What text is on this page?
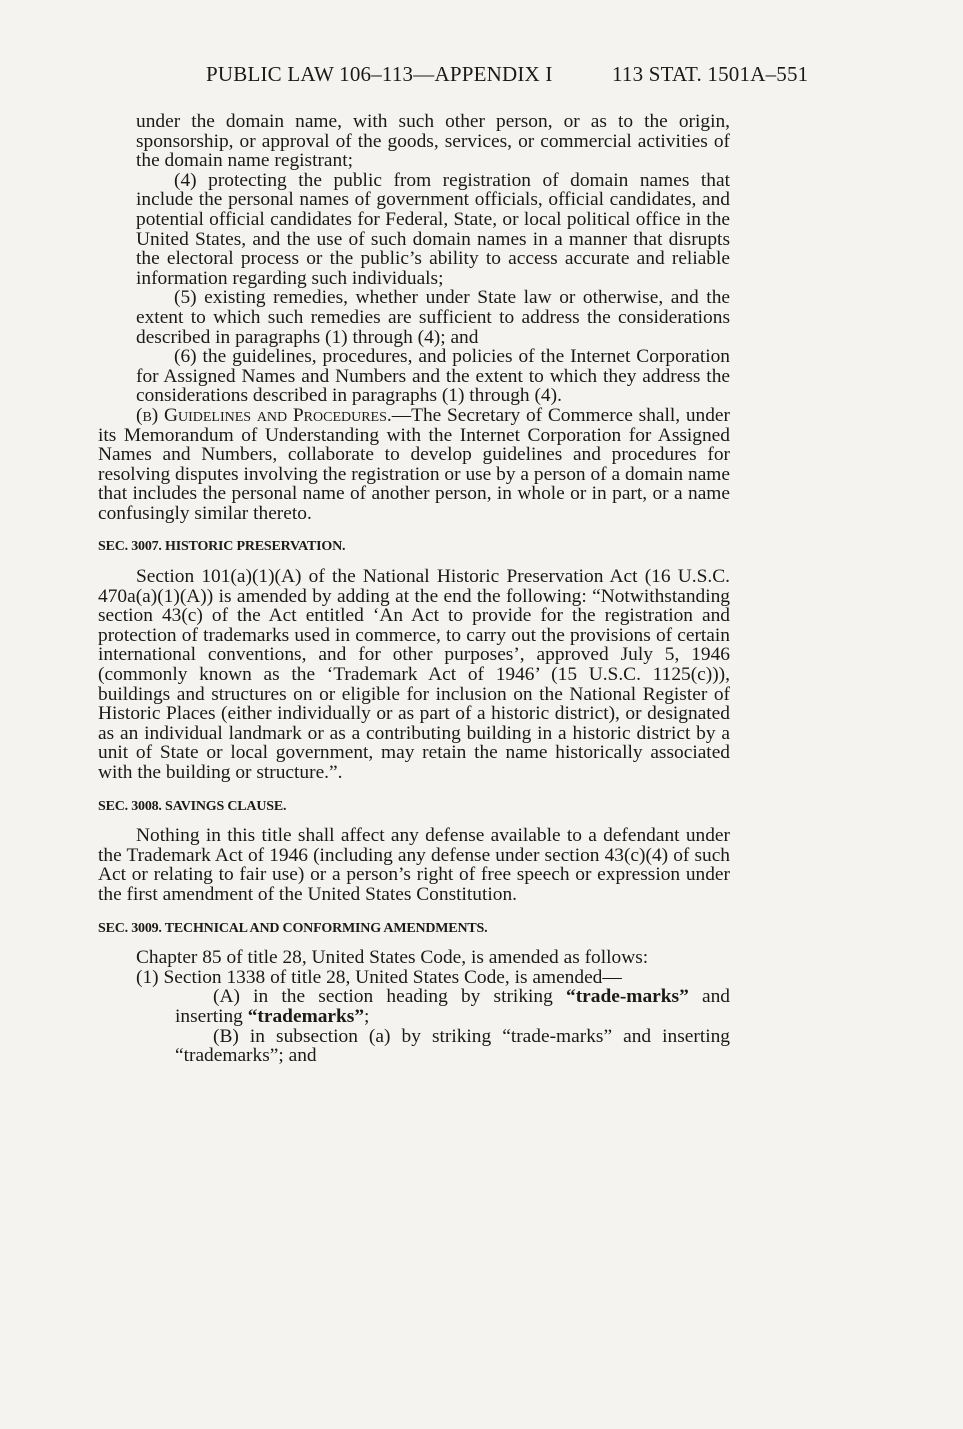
PUBLIC LAW 106–113—APPENDIX I	113 STAT. 1501A–551

under the domain name, with such other person, or as to the origin, sponsorship, or approval of the goods, services, or commercial activities of the domain name registrant;

(4) protecting the public from registration of domain names that include the personal names of government officials, official candidates, and potential official candidates for Federal, State, or local political office in the United States, and the use of such domain names in a manner that disrupts the electoral process or the public’s ability to access accurate and reliable information regarding such individuals;

(5) existing remedies, whether under State law or otherwise, and the extent to which such remedies are sufficient to address the considerations described in paragraphs (1) through (4); and

(6) the guidelines, procedures, and policies of the Internet Corporation for Assigned Names and Numbers and the extent to which they address the considerations described in paragraphs (1) through (4).

(b) Guidelines and Procedures.—The Secretary of Commerce shall, under its Memorandum of Understanding with the Internet Corporation for Assigned Names and Numbers, collaborate to develop guidelines and procedures for resolving disputes involving the registration or use by a person of a domain name that includes the personal name of another person, in whole or in part, or a name confusingly similar thereto.

SEC. 3007. HISTORIC PRESERVATION.

Section 101(a)(1)(A) of the National Historic Preservation Act (16 U.S.C. 470a(a)(1)(A)) is amended by adding at the end the following: “Notwithstanding section 43(c) of the Act entitled ‘An Act to provide for the registration and protection of trademarks used in commerce, to carry out the provisions of certain international conventions, and for other purposes’, approved July 5, 1946 (commonly known as the ‘Trademark Act of 1946’ (15 U.S.C. 1125(c))), buildings and structures on or eligible for inclusion on the National Register of Historic Places (either individually or as part of a historic district), or designated as an individual landmark or as a contributing building in a historic district by a unit of State or local government, may retain the name historically associated with the building or structure.”.

SEC. 3008. SAVINGS CLAUSE.

Nothing in this title shall affect any defense available to a defendant under the Trademark Act of 1946 (including any defense under section 43(c)(4) of such Act or relating to fair use) or a person’s right of free speech or expression under the first amendment of the United States Constitution.

SEC. 3009. TECHNICAL AND CONFORMING AMENDMENTS.

Chapter 85 of title 28, United States Code, is amended as follows:

(1) Section 1338 of title 28, United States Code, is amended—

(A) in the section heading by striking “trade-marks” and inserting “trademarks”;

(B) in subsection (a) by striking “trade-marks” and inserting “trademarks”; and
